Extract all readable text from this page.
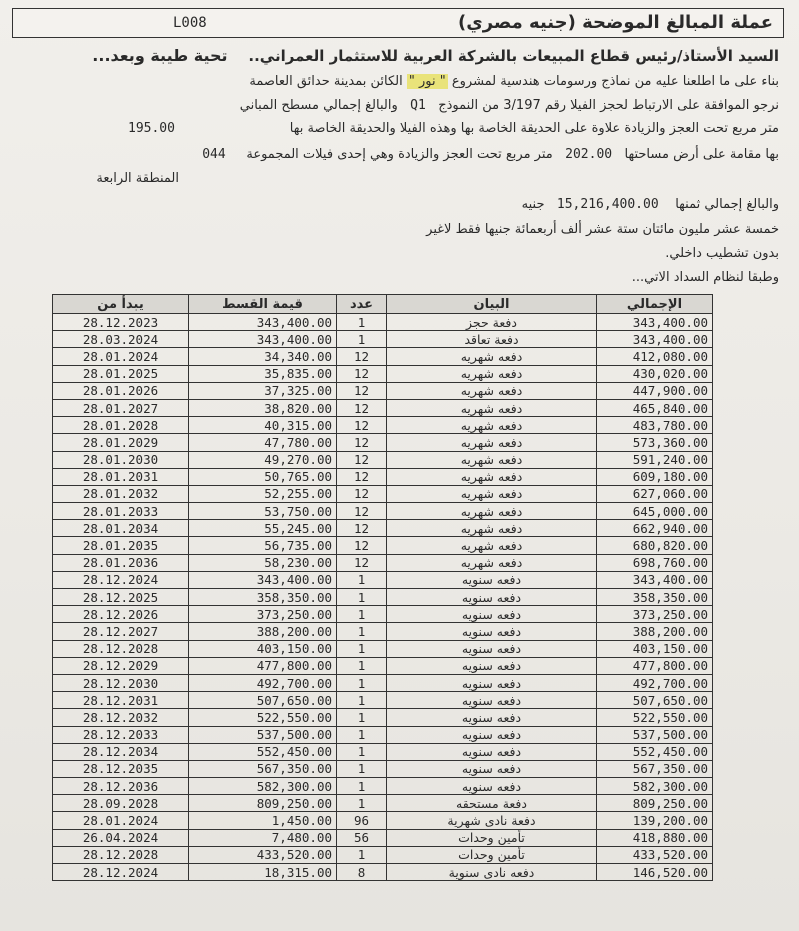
عملة المبالغ الموضحة (جنيه مصري)
L008
السيد الأستاذ/رئيس قطاع المبيعات بالشركة العربية للاستثمار العمراني..    تحية طيبة وبعد...
بناء على ما اطلعنا عليه من نماذج ورسومات هندسية لمشروع " نور " الكائن بمدينة حدائق العاصمة
نرجو الموافقة على الارتباط لحجز الفيلا رقم 3/197 من النموذج   Q1   والبالغ إجمالي مسطح المباني
195.00	متر مربع تحت العجز والزيادة علاوة على الحديقة الخاصة بها وهذه الفيلا والحديقة الخاصة بها
بها مقامة على أرض مساحتها   202.00   متر مربع تحت العجز والزيادة وهي إحدى فيلات المجموعة     044
المنطقة الرابعة
والبالغ إجمالي ثمنها    15,216,400.00   جنيه
خمسة عشر مليون مائتان ستة عشر ألف أربعمائة جنيها فقط لاغير
بدون تشطيب داخلي.
وطبقا لنظام السداد الاتي...
يبدأ من	قيمة القسط	عدد	البيان	الإجمالي
28.12.2023	343,400.00	1	دفعة حجز	343,400.00
28.03.2024	343,400.00	1	دفعة تعاقد	343,400.00
28.01.2024	34,340.00	12	دفعه شهريه	412,080.00
28.01.2025	35,835.00	12	دفعه شهريه	430,020.00
28.01.2026	37,325.00	12	دفعه شهريه	447,900.00
28.01.2027	38,820.00	12	دفعه شهريه	465,840.00
28.01.2028	40,315.00	12	دفعه شهريه	483,780.00
28.01.2029	47,780.00	12	دفعه شهريه	573,360.00
28.01.2030	49,270.00	12	دفعه شهريه	591,240.00
28.01.2031	50,765.00	12	دفعه شهريه	609,180.00
28.01.2032	52,255.00	12	دفعه شهريه	627,060.00
28.01.2033	53,750.00	12	دفعه شهريه	645,000.00
28.01.2034	55,245.00	12	دفعه شهريه	662,940.00
28.01.2035	56,735.00	12	دفعه شهريه	680,820.00
28.01.2036	58,230.00	12	دفعه شهريه	698,760.00
28.12.2024	343,400.00	1	دفعه سنويه	343,400.00
28.12.2025	358,350.00	1	دفعه سنويه	358,350.00
28.12.2026	373,250.00	1	دفعه سنويه	373,250.00
28.12.2027	388,200.00	1	دفعه سنويه	388,200.00
28.12.2028	403,150.00	1	دفعه سنويه	403,150.00
28.12.2029	477,800.00	1	دفعه سنويه	477,800.00
28.12.2030	492,700.00	1	دفعه سنويه	492,700.00
28.12.2031	507,650.00	1	دفعه سنويه	507,650.00
28.12.2032	522,550.00	1	دفعه سنويه	522,550.00
28.12.2033	537,500.00	1	دفعه سنويه	537,500.00
28.12.2034	552,450.00	1	دفعه سنويه	552,450.00
28.12.2035	567,350.00	1	دفعه سنويه	567,350.00
28.12.2036	582,300.00	1	دفعه سنويه	582,300.00
28.09.2028	809,250.00	1	دفعة مستحقه	809,250.00
28.01.2024	1,450.00	96	دفعة نادى شهرية	139,200.00
26.04.2024	7,480.00	56	تأمين وحدات	418,880.00
28.12.2028	433,520.00	1	تأمين وحدات	433,520.00
28.12.2024	18,315.00	8	دفعه نادى سنوية	146,520.00
